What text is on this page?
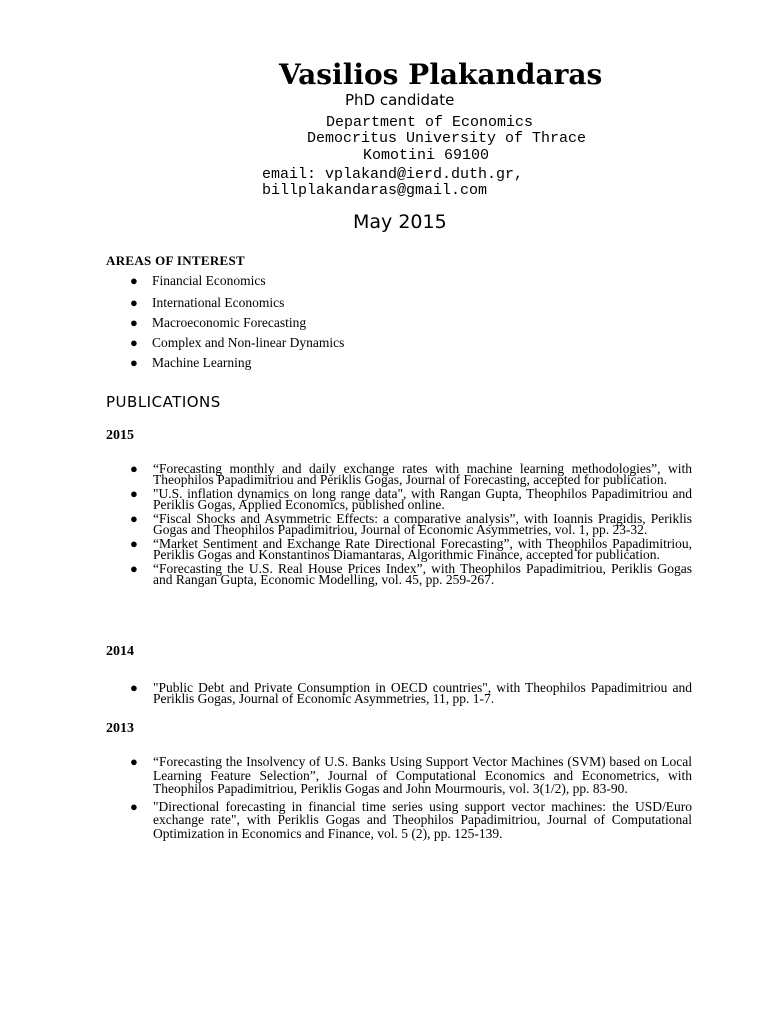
Vasilios Plakandaras
PhD candidate
Department of Economics
Democritus University of Thrace
Komotini 69100
email: vplakand@ierd.duth.gr,
billplakandaras@gmail.com
May 2015
AREAS OF INTEREST
● Financial Economics
● International Economics
● Macroeconomic Forecasting
● Complex and Non-linear Dynamics
● Machine Learning
PUBLICATIONS
2015
● “Forecasting monthly and daily exchange rates with machine learning methodologies”, with Theophilos Papadimitriou and Periklis Gogas, Journal of Forecasting, accepted for publication.
● "U.S. inflation dynamics on long range data", with Rangan Gupta, Theophilos Papadimitriou and Periklis Gogas, Applied Economics, published online.
● “Fiscal Shocks and Asymmetric Effects: a comparative analysis”, with Ioannis Pragidis, Periklis Gogas and Theophilos Papadimitriou, Journal of Economic Asymmetries, vol. 1, pp. 23-32.
● “Market Sentiment and Exchange Rate Directional Forecasting”, with Theophilos Papadimitriou, Periklis Gogas and Konstantinos Diamantaras, Algorithmic Finance, accepted for publication.
● “Forecasting the U.S. Real House Prices Index”, with Theophilos Papadimitriou, Periklis Gogas and Rangan Gupta, Economic Modelling, vol. 45, pp. 259-267.
2014
● "Public Debt and Private Consumption in OECD countries", with Theophilos Papadimitriou and Periklis Gogas, Journal of Economic Asymmetries, 11, pp. 1-7.
2013
● “Forecasting the Insolvency of U.S. Banks Using Support Vector Machines (SVM) based on Local Learning Feature Selection”, Journal of Computational Economics and Econometrics, with Theophilos Papadimitriou, Periklis Gogas and John Mourmouris, vol. 3(1/2), pp. 83-90.
● "Directional forecasting in financial time series using support vector machines: the USD/Euro exchange rate", with Periklis Gogas and Theophilos Papadimitriou, Journal of Computational Optimization in Economics and Finance, vol. 5 (2), pp. 125-139.
